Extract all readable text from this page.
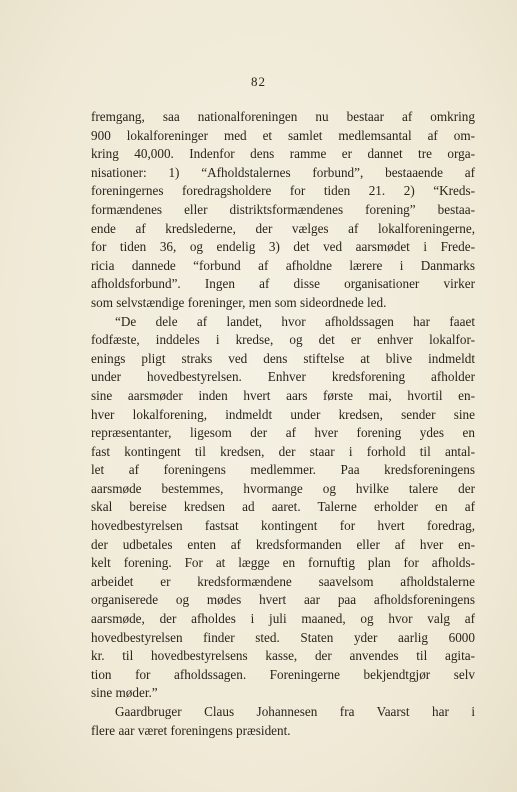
82
fremgang, saa nationalforeningen nu bestaar af omkring
900 lokalforeninger med et samlet medlemsantal af om-
kring 40,000. Indenfor dens ramme er dannet tre orga-
nisationer: 1) “Afholdstalernes forbund”, bestaaende af
foreningernes foredragsholdere for tiden 21. 2) “Kreds-
formændenes eller distriktsformændenes forening” bestaa-
ende af kredslederne, der vælges af lokalforeningerne,
for tiden 36, og endelig 3) det ved aarsmødet i Frede-
ricia dannede “forbund af afholdne lærere i Danmarks
afholdsforbund”. Ingen af disse organisationer virker
som selvstændige foreninger, men som sideordnede led.
“De dele af landet, hvor afholdssagen har faaet
fodfæste, inddeles i kredse, og det er enhver lokalfor-
enings pligt straks ved dens stiftelse at blive indmeldt
under hovedbestyrelsen. Enhver kredsforening afholder
sine aarsmøder inden hvert aars første mai, hvortil en-
hver lokalforening, indmeldt under kredsen, sender sine
repræsentanter, ligesom der af hver forening ydes en
fast kontingent til kredsen, der staar i forhold til antal-
let af foreningens medlemmer. Paa kredsforeningens
aarsmøde bestemmes, hvormange og hvilke talere der
skal bereise kredsen ad aaret. Talerne erholder en af
hovedbestyrelsen fastsat kontingent for hvert foredrag,
der udbetales enten af kredsformanden eller af hver en-
kelt forening. For at lægge en fornuftig plan for afholds-
arbeidet er kredsformændene saavelsom afholdstalerne
organiserede og mødes hvert aar paa afholdsforeningens
aarsmøde, der afholdes i juli maaned, og hvor valg af
hovedbestyrelsen finder sted. Staten yder aarlig 6000
kr. til hovedbestyrelsens kasse, der anvendes til agita-
tion for afholdssagen. Foreningerne bekjendtgjør selv
sine møder.”
Gaardbruger Claus Johannesen fra Vaarst har i
flere aar været foreningens præsident.
